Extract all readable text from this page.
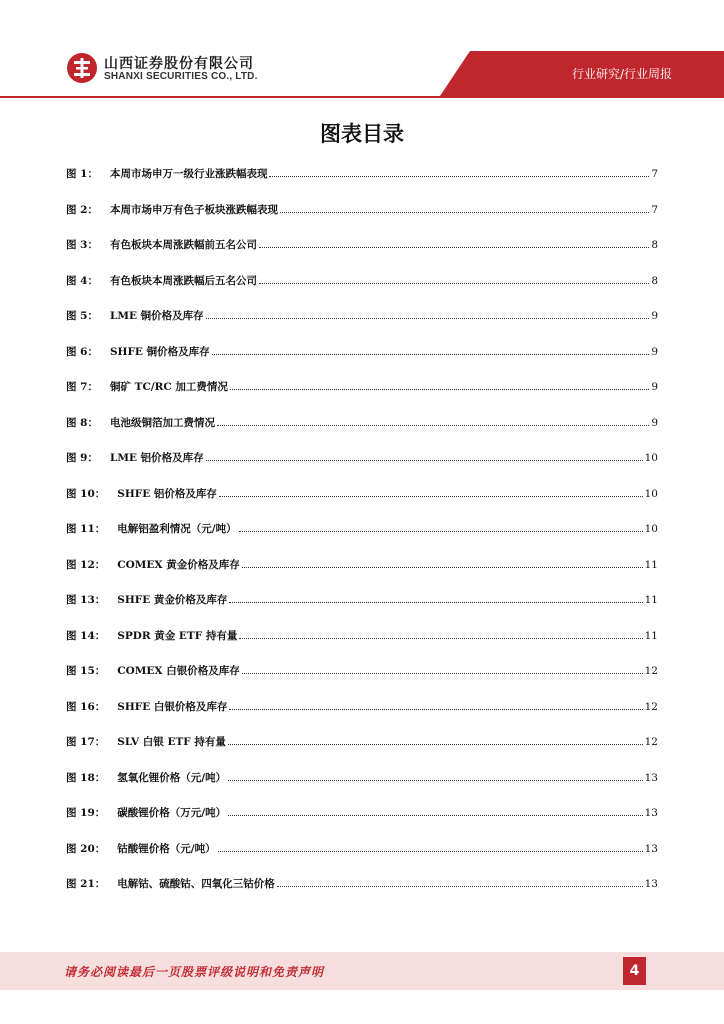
山西证券股份有限公司
SHANXI SECURITIES CO., LTD.	行业研究/行业周报
图表目录
图 1： 本周市场申万一级行业涨跌幅表现	7
图 2： 本周市场申万有色子板块涨跌幅表现	7
图 3： 有色板块本周涨跌幅前五名公司	8
图 4： 有色板块本周涨跌幅后五名公司	8
图 5： LME 铜价格及库存	9
图 6： SHFE 铜价格及库存	9
图 7： 铜矿 TC/RC 加工费情况	9
图 8： 电池级铜箔加工费情况	9
图 9： LME 铝价格及库存	10
图 10： SHFE 铝价格及库存	10
图 11： 电解铝盈利情况（元/吨）	10
图 12： COMEX 黄金价格及库存	11
图 13： SHFE 黄金价格及库存	11
图 14： SPDR 黄金 ETF 持有量	11
图 15： COMEX 白银价格及库存	12
图 16： SHFE 白银价格及库存	12
图 17： SLV 白银 ETF 持有量	12
图 18： 氢氧化锂价格（元/吨）	13
图 19： 碳酸锂价格（万元/吨）	13
图 20： 钴酸锂价格（元/吨）	13
图 21： 电解钴、硫酸钴、四氧化三钴价格	13
请务必阅读最后一页股票评级说明和免责声明	4
